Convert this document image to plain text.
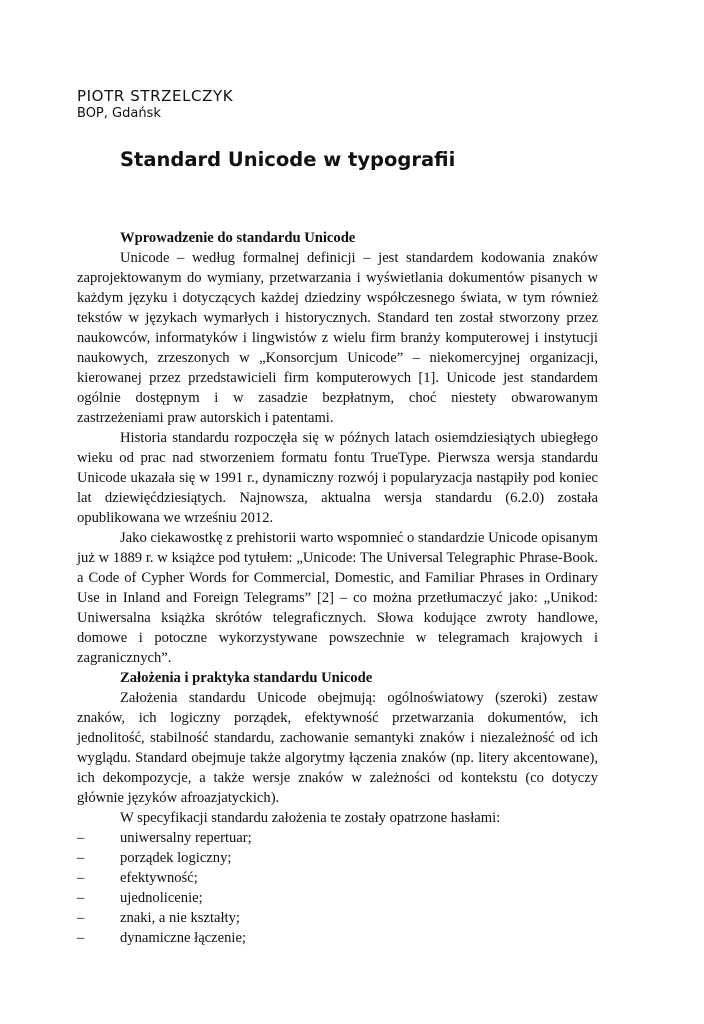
PIOTR STRZELCZYK

BOP, Gdańsk

Standard Unicode w typografii

Wprowadzenie do standardu Unicode

Unicode – według formalnej definicji – jest standardem kodowania znaków zaprojektowanym do wymiany, przetwarzania i wyświetlania dokumentów pisanych w każdym języku i dotyczących każdej dziedziny współczesnego świata, w tym również tekstów w językach wymarłych i historycznych. Standard ten został stworzony przez naukowców, informatyków i lingwistów z wielu firm branży komputerowej i instytucji naukowych, zrzeszonych w „Konsorcjum Unicode” – niekomercyjnej organizacji, kierowanej przez przedstawicieli firm komputerowych [1]. Unicode jest standardem ogólnie dostępnym i w zasadzie bezpłatnym, choć niestety obwarowanym zastrzeżeniami praw autorskich i patentami.

Historia standardu rozpoczęła się w późnych latach osiemdziesiątych ubiegłego wieku od prac nad stworzeniem formatu fontu TrueType. Pierwsza wersja standardu Unicode ukazała się w 1991 r., dynamiczny rozwój i popularyzacja nastąpiły pod koniec lat dziewięćdziesiątych. Najnowsza, aktualna wersja standardu (6.2.0) została opublikowana we wrześniu 2012.

Jako ciekawostkę z prehistorii warto wspomnieć o standardzie Unicode opisanym już w 1889 r. w książce pod tytułem: „Unicode: The Universal Telegraphic Phrase-Book. a Code of Cypher Words for Commercial, Domestic, and Familiar Phrases in Ordinary Use in Inland and Foreign Telegrams” [2] – co można przetłumaczyć jako: „Unikod: Uniwersalna książka skrótów telegraficznych. Słowa kodujące zwroty handlowe, domowe i potoczne wykorzystywane powszechnie w telegramach krajowych i zagranicznych”.

Założenia i praktyka standardu Unicode

Założenia standardu Unicode obejmują: ogólnoświatowy (szeroki) zestaw znaków, ich logiczny porządek, efektywność przetwarzania dokumentów, ich jednolitość, stabilność standardu, zachowanie semantyki znaków i niezależność od ich wyglądu. Standard obejmuje także algorytmy łączenia znaków (np. litery akcentowane), ich dekompozycje, a także wersje znaków w zależności od kontekstu (co dotyczy głównie języków afroazjatyckich).

W specyfikacji standardu założenia te zostały opatrzone hasłami:

–	uniwersalny repertuar;
–	porządek logiczny;
–	efektywność;
–	ujednolicenie;
–	znaki, a nie kształty;
–	dynamiczne łączenie;
